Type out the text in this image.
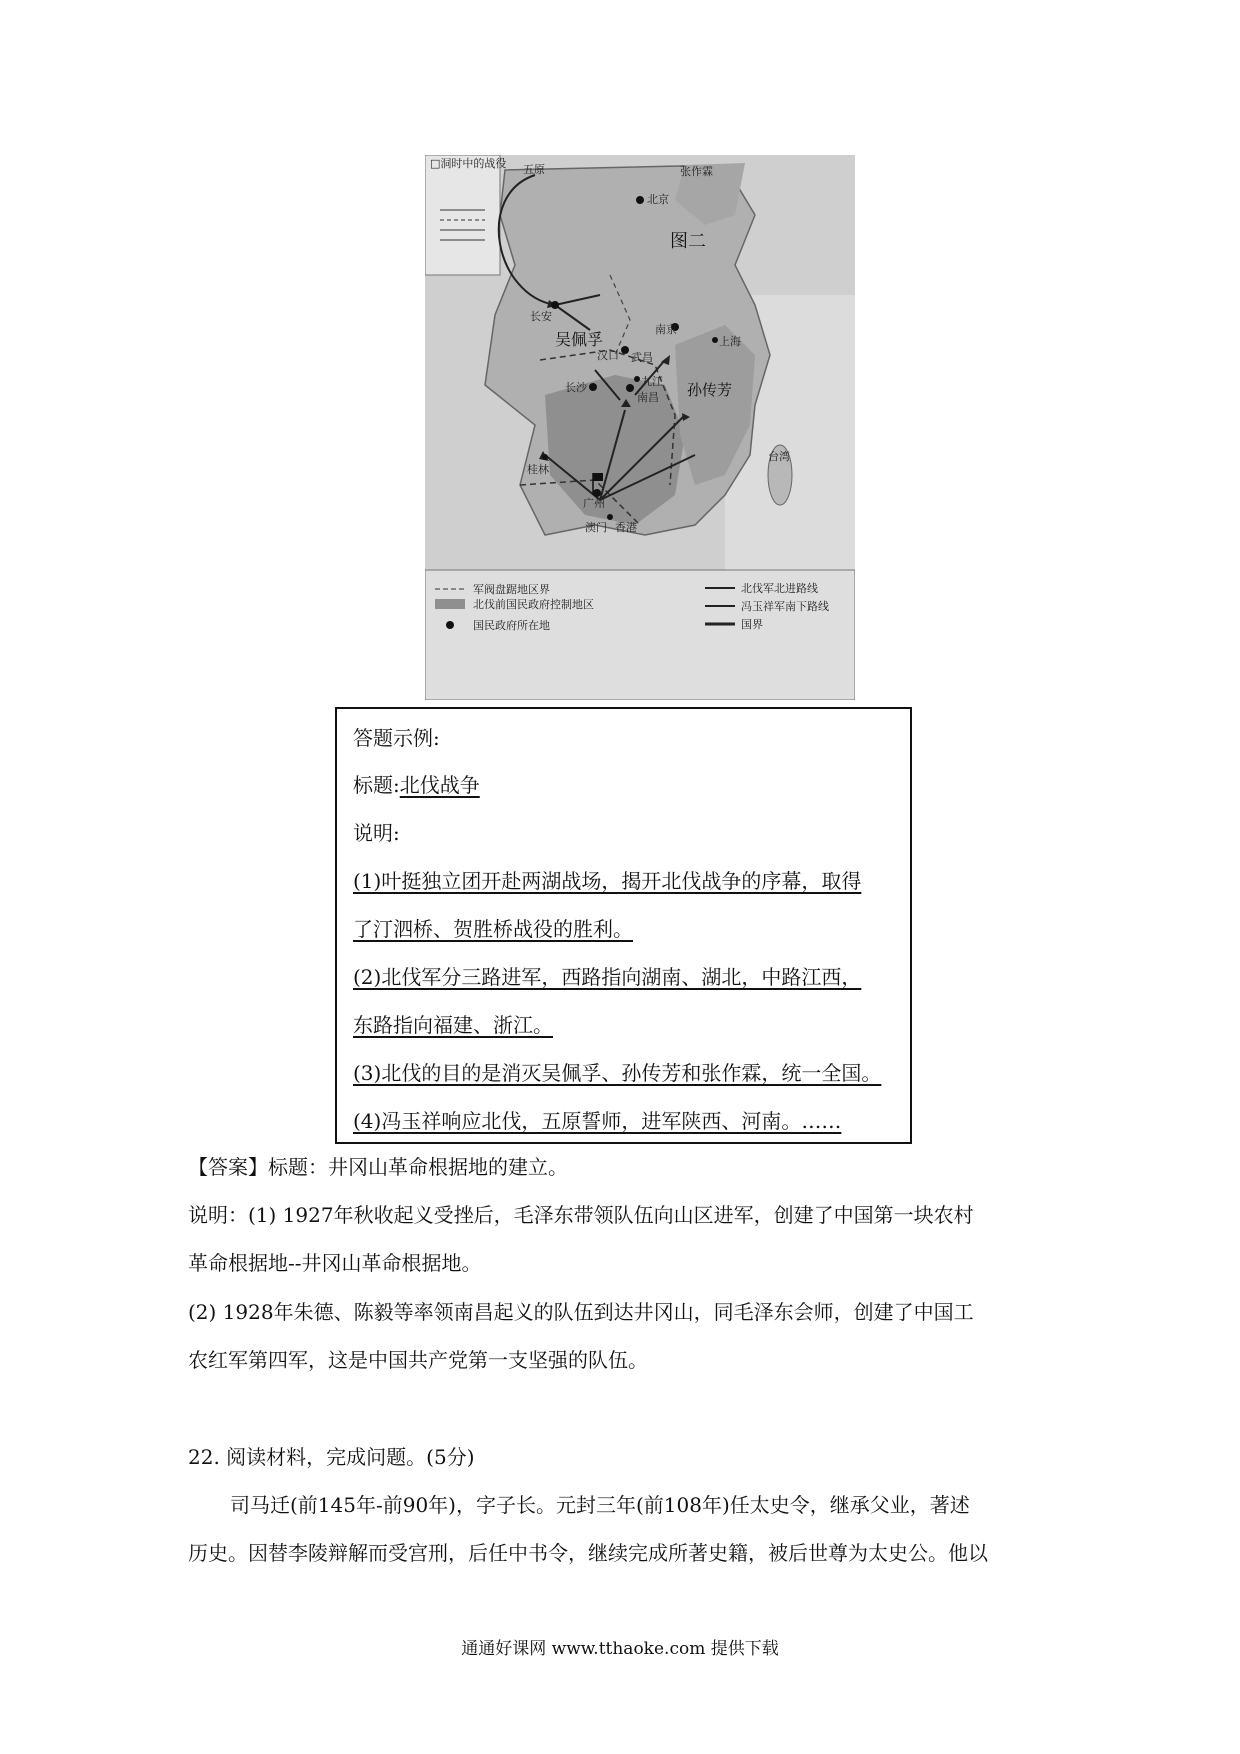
□洞时中的战役
北京
图二
张作霖
五原
长安
吴佩孚
南京
上海
汉口 武昌
九江
长沙
南昌 孙传芳
桂林
广州
澳门 香港
台湾
军阀盘踞地区界
北伐前国民政府控制地区
国民政府所在地
北伐军北进路线
冯玉祥军南下路线
国界
答题示例:
标题:北伐战争
说明:
(1)叶挺独立团开赴两湖战场，揭开北伐战争的序幕，取得
了汀泗桥、贺胜桥战役的胜利。
(2)北伐军分三路进军，西路指向湖南、湖北，中路江西，
东路指向福建、浙江。
(3)北伐的目的是消灭吴佩孚、孙传芳和张作霖，统一全国。
(4)冯玉祥响应北伐，五原誓师，进军陕西、河南。……
【答案】标题：井冈山革命根据地的建立。
说明：(1) 1927年秋收起义受挫后，毛泽东带领队伍向山区进军，创建了中国第一块农村
革命根据地--井冈山革命根据地。
(2) 1928年朱德、陈毅等率领南昌起义的队伍到达井冈山，同毛泽东会师，创建了中国工
农红军第四军，这是中国共产党第一支坚强的队伍。
22. 阅读材料，完成问题。(5分)
司马迁(前145年-前90年)，字子长。元封三年(前108年)任太史令，继承父业，著述
历史。因替李陵辩解而受宫刑，后任中书令，继续完成所著史籍，被后世尊为太史公。他以
通通好课网 www.tthaoke.com 提供下载
